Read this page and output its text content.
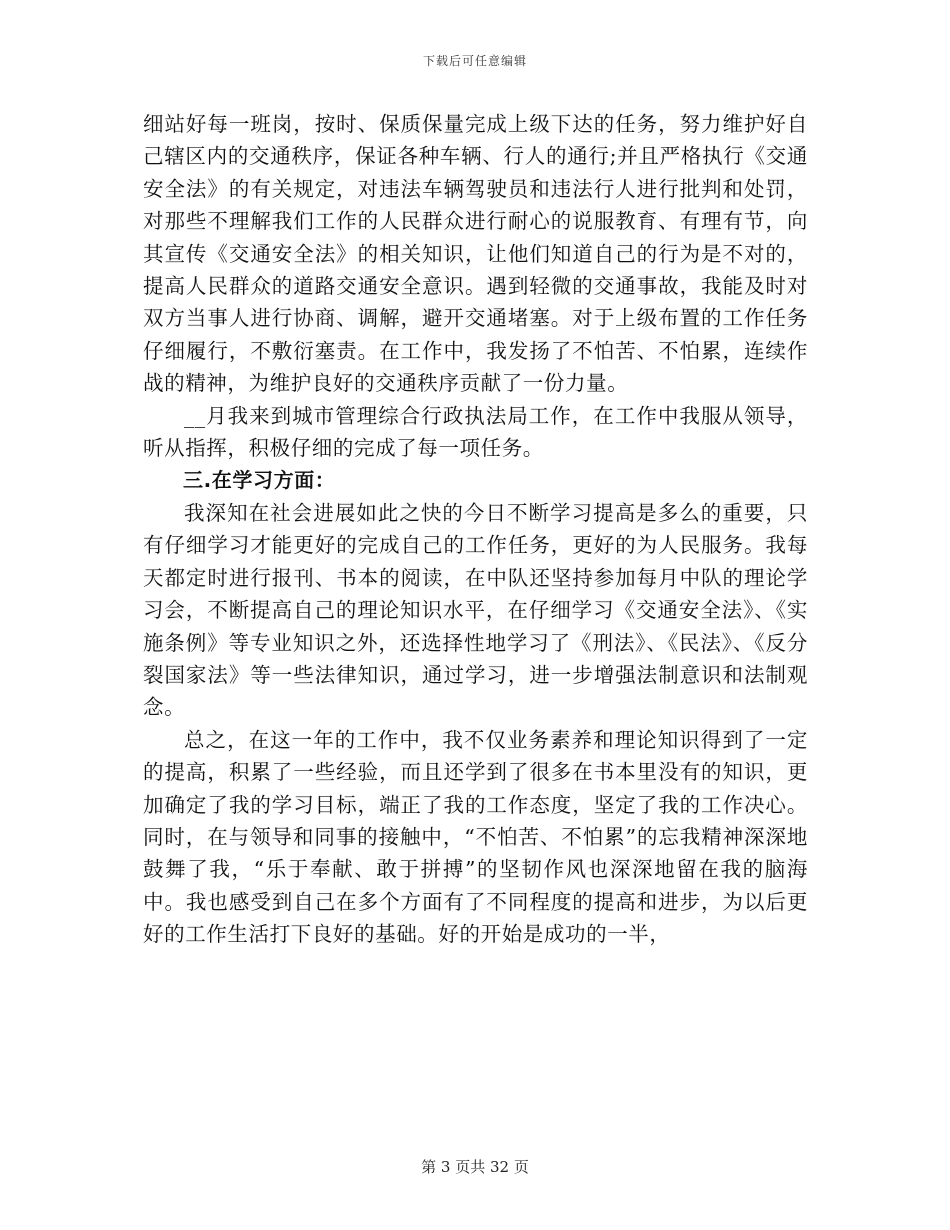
下载后可任意编辑

细站好每一班岗，按时、保质保量完成上级下达的任务，努力维护好自己辖区内的交通秩序，保证各种车辆、行人的通行;并且严格执行《交通安全法》的有关规定，对违法车辆驾驶员和违法行人进行批判和处罚，对那些不理解我们工作的人民群众进行耐心的说服教育、有理有节，向其宣传《交通安全法》的相关知识，让他们知道自己的行为是不对的，提高人民群众的道路交通安全意识。遇到轻微的交通事故，我能及时对双方当事人进行协商、调解，避开交通堵塞。对于上级布置的工作任务仔细履行，不敷衍塞责。在工作中，我发扬了不怕苦、不怕累，连续作战的精神，为维护良好的交通秩序贡献了一份力量。

__月我来到城市管理综合行政执法局工作，在工作中我服从领导，听从指挥，积极仔细的完成了每一项任务。

三.在学习方面：

我深知在社会进展如此之快的今日不断学习提高是多么的重要，只有仔细学习才能更好的完成自己的工作任务，更好的为人民服务。我每天都定时进行报刊、书本的阅读，在中队还坚持参加每月中队的理论学习会，不断提高自己的理论知识水平，在仔细学习《交通安全法》、《实施条例》等专业知识之外，还选择性地学习了《刑法》、《民法》、《反分裂国家法》等一些法律知识，通过学习，进一步增强法制意识和法制观念。

总之，在这一年的工作中，我不仅业务素养和理论知识得到了一定的提高，积累了一些经验，而且还学到了很多在书本里没有的知识，更加确定了我的学习目标，端正了我的工作态度，坚定了我的工作决心。同时，在与领导和同事的接触中，“不怕苦、不怕累”的忘我精神深深地鼓舞了我，“乐于奉献、敢于拼搏”的坚韧作风也深深地留在我的脑海中。我也感受到自己在多个方面有了不同程度的提高和进步，为以后更好的工作生活打下良好的基础。好的开始是成功的一半，

第 3 页共 32 页
